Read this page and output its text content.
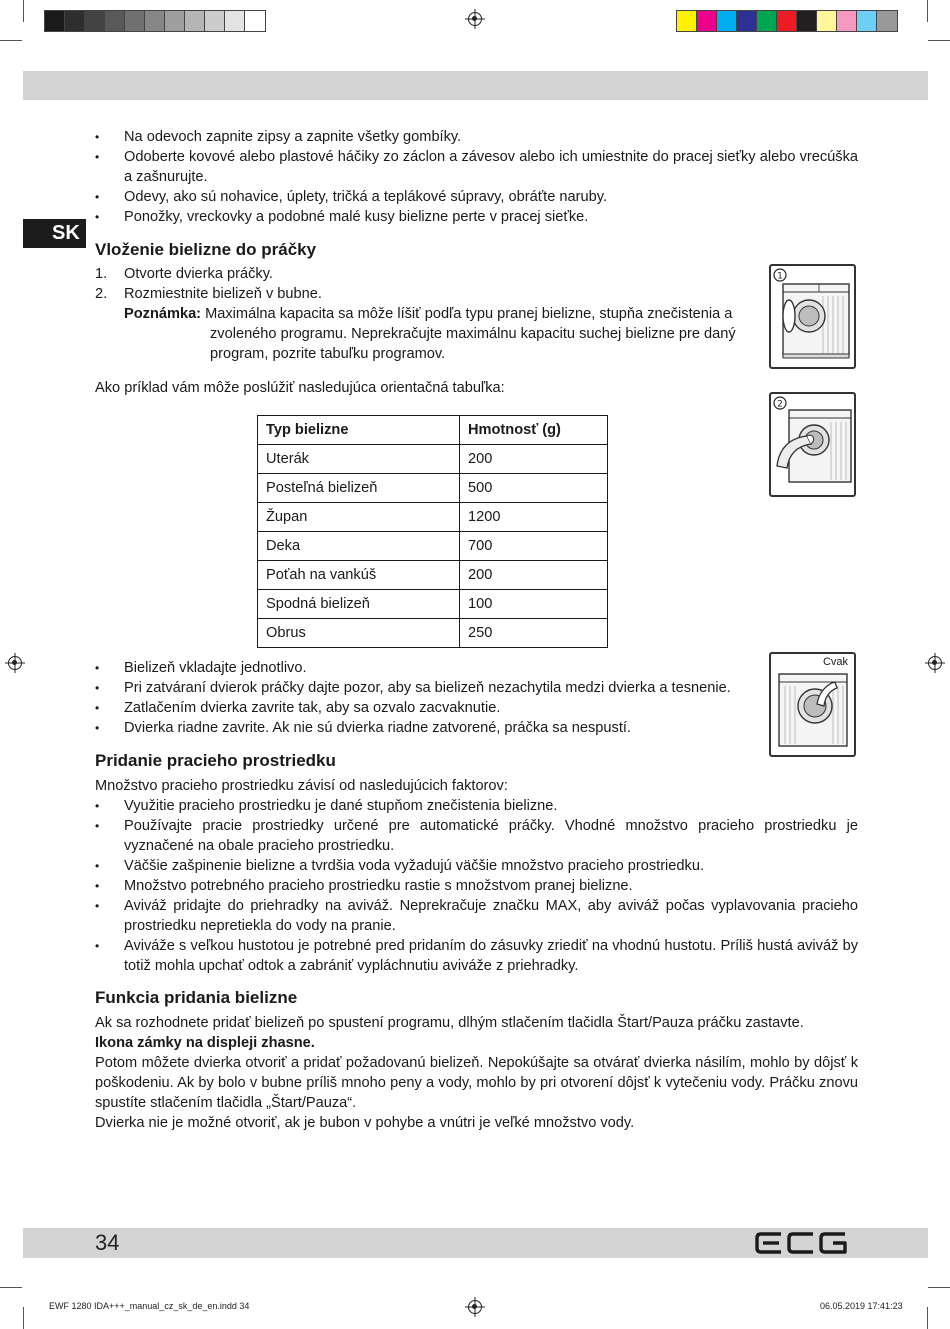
SK
• Na odevoch zapnite zipsy a zapnite všetky gombíky.
• Odoberte kovové alebo plastové háčiky zo záclon a závesov alebo ich umiestnite do pracej sieťky alebo vrecúška a zašnurujte.
• Odevy, ako sú nohavice, úplety, tričká a teplákové súpravy, obráťte naruby.
• Ponožky, vreckovky a podobné malé kusy bielizne perte v pracej sieťke.
Vloženie bielizne do práčky
1. Otvorte dvierka práčky.
2. Rozmiestnite bielizeň v bubne.
Poznámka: Maximálna kapacita sa môže líšiť podľa typu pranej bielizne, stupňa znečistenia a zvoleného programu. Neprekračujte maximálnu kapacitu suchej bielizne pre daný program, pozrite tabuľku programov.

Ako príklad vám môže poslúžiť nasledujúca orientačná tabuľka:

Typ bielizne	Hmotnosť (g)
Uterák	200
Posteľná bielizeň	500
Župan	1200
Deka	700
Poťah na vankúš	200
Spodná bielizeň	100
Obrus	250
1
2
Cvak
• Bielizeň vkladajte jednotlivo.
• Pri zatváraní dvierok práčky dajte pozor, aby sa bielizeň nezachytila medzi dvierka a tesnenie.
• Zatlačením dvierka zavrite tak, aby sa ozvalo zacvaknutie.
• Dvierka riadne zavrite. Ak nie sú dvierka riadne zatvorené, práčka sa nespustí.
Pridanie pracieho prostriedku

Množstvo pracieho prostriedku závisí od nasledujúcich faktorov:

• Využitie pracieho prostriedku je dané stupňom znečistenia bielizne.
• Používajte pracie prostriedky určené pre automatické práčky. Vhodné množstvo pracieho prostriedku je vyznačené na obale pracieho prostriedku.
• Väčšie zašpinenie bielizne a tvrdšia voda vyžadujú väčšie množstvo pracieho prostriedku.
• Množstvo potrebného pracieho prostriedku rastie s množstvom pranej bielizne.
• Aviváž pridajte do priehradky na aviváž. Neprekračuje značku MAX, aby aviváž počas vyplavovania pracieho prostriedku nepretiekla do vody na pranie.
• Aviváže s veľkou hustotou je potrebné pred pridaním do zásuvky zriediť na vhodnú hustotu. Príliš hustá aviváž by totiž mohla upchať odtok a zabrániť vypláchnutiu aviváže z priehradky.
Funkcia pridania bielizne

Ak sa rozhodnete pridať bielizeň po spustení programu, dlhým stlačením tlačidla Štart/Pauza práčku zastavte.

Ikona zámky na displeji zhasne.

Potom môžete dvierka otvoriť a pridať požadovanú bielizeň. Nepokúšajte sa otvárať dvierka násilím, mohlo by dôjsť k poškodeniu. Ak by bolo v bubne príliš mnoho peny a vody, mohlo by pri otvorení dôjsť k vytečeniu vody. Práčku znovu spustíte stlačením tlačidla „Štart/Pauza“.

Dvierka nie je možné otvoriť, ak je bubon v pohybe a vnútri je veľké množstvo vody.

34
EWF 1280 IDA+++_manual_cz_sk_de_en.indd 34	06.05.2019 17:41:23
